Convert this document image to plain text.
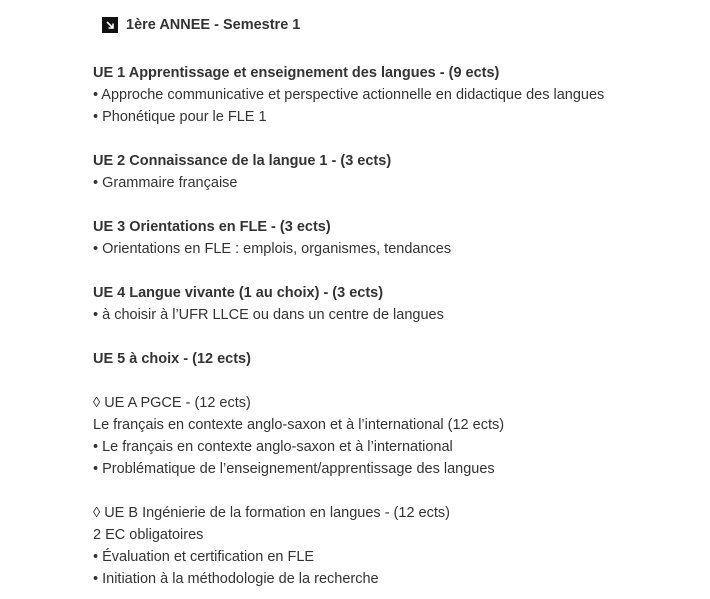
1ère ANNEE - Semestre 1
UE 1 Apprentissage et enseignement des langues - (9 ects)
• Approche communicative et perspective actionnelle en didactique des langues
• Phonétique pour le FLE 1
UE 2 Connaissance de la langue 1 - (3 ects)
• Grammaire française
UE 3 Orientations en FLE - (3 ects)
• Orientations en FLE : emplois, organismes, tendances
UE 4 Langue vivante (1 au choix) - (3 ects)
• à choisir à l’UFR LLCE ou dans un centre de langues
UE 5 à choix - (12 ects)
◊ UE A PGCE - (12 ects)
Le français en contexte anglo-saxon et à l’international (12 ects)
• Le français en contexte anglo-saxon et à l’international
• Problématique de l’enseignement/apprentissage des langues
◊ UE B Ingénierie de la formation en langues - (12 ects)
2 EC obligatoires
• Évaluation et certification en FLE
• Initiation à la méthodologie de la recherche
